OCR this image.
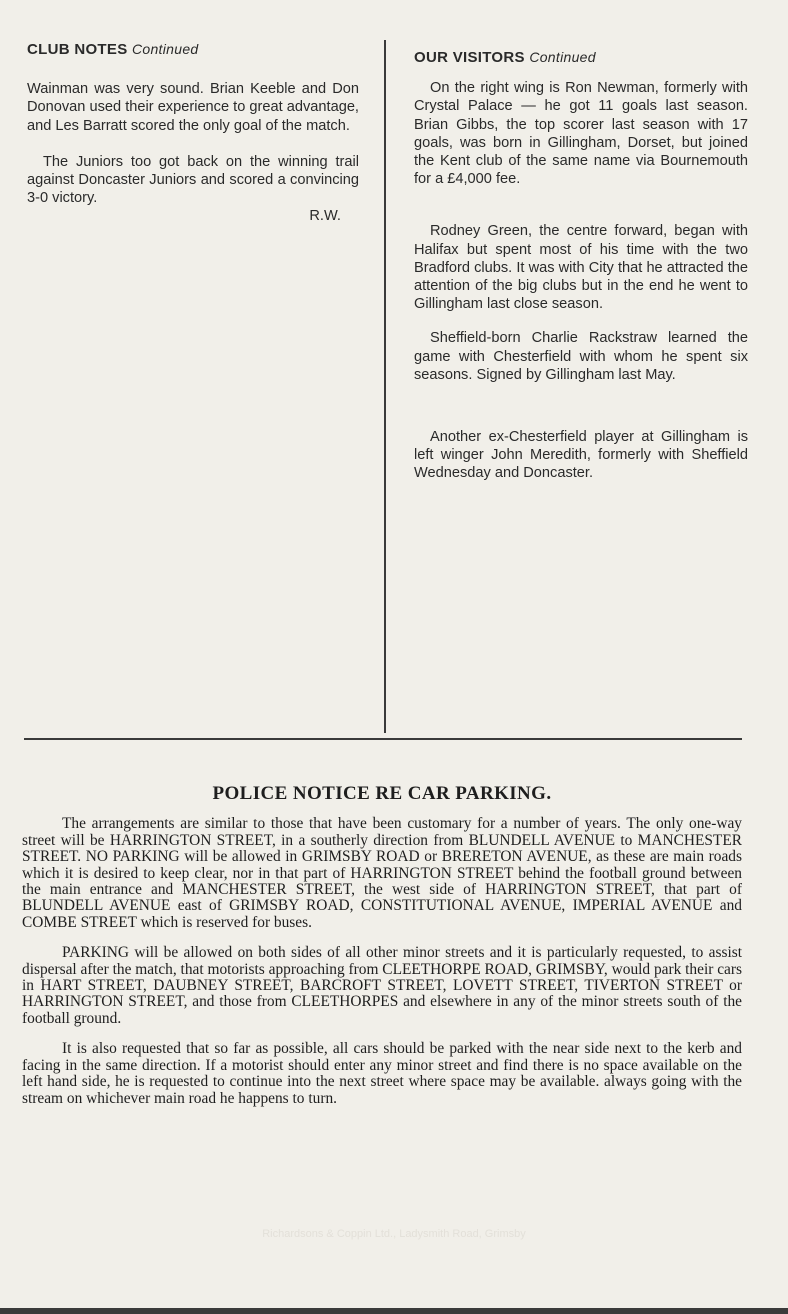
CLUB NOTES Continued

Wainman was very sound. Brian Keeble and Don Donovan used their experience to great advantage, and Les Barratt scored the only goal of the match.

The Juniors too got back on the winning trail against Doncaster Juniors and scored a convincing 3-0 victory.

R.W.

OUR VISITORS Continued

On the right wing is Ron Newman, formerly with Crystal Palace — he got 11 goals last season. Brian Gibbs, the top scorer last season with 17 goals, was born in Gillingham, Dorset, but joined the Kent club of the same name via Bournemouth for a £4,000 fee.

Rodney Green, the centre forward, began with Halifax but spent most of his time with the two Bradford clubs. It was with City that he attracted the attention of the big clubs but in the end he went to Gillingham last close season.

Sheffield-born Charlie Rackstraw learned the game with Chesterfield with whom he spent six seasons. Signed by Gillingham last May.

Another ex-Chesterfield player at Gillingham is left winger John Meredith, formerly with Sheffield Wednesday and Doncaster.

POLICE NOTICE RE CAR PARKING.

The arrangements are similar to those that have been customary for a number of years. The only one-way street will be HARRINGTON STREET, in a southerly direction from BLUNDELL AVENUE to MANCHESTER STREET. NO PARKING will be allowed in GRIMSBY ROAD or BRERETON AVENUE, as these are main roads which it is desired to keep clear, nor in that part of HARRINGTON STREET behind the football ground between the main entrance and MANCHESTER STREET, the west side of HARRINGTON STREET, that part of BLUNDELL AVENUE east of GRIMSBY ROAD, CONSTITUTIONAL AVENUE, IMPERIAL AVENUE and COMBE STREET which is reserved for buses.

PARKING will be allowed on both sides of all other minor streets and it is particularly requested, to assist dispersal after the match, that motorists approaching from CLEETHORPE ROAD, GRIMSBY, would park their cars in HART STREET, DAUBNEY STREET, BARCROFT STREET, LOVETT STREET, TIVERTON STREET or HARRINGTON STREET, and those from CLEETHORPES and elsewhere in any of the minor streets south of the football ground.

It is also requested that so far as possible, all cars should be parked with the near side next to the kerb and facing in the same direction. If a motorist should enter any minor street and find there is no space available on the left hand side, he is requested to continue into the next street where space may be available. always going with the stream on whichever main road he happens to turn.

Richardsons & Coppin Ltd., Ladysmith Road, Grimsby
